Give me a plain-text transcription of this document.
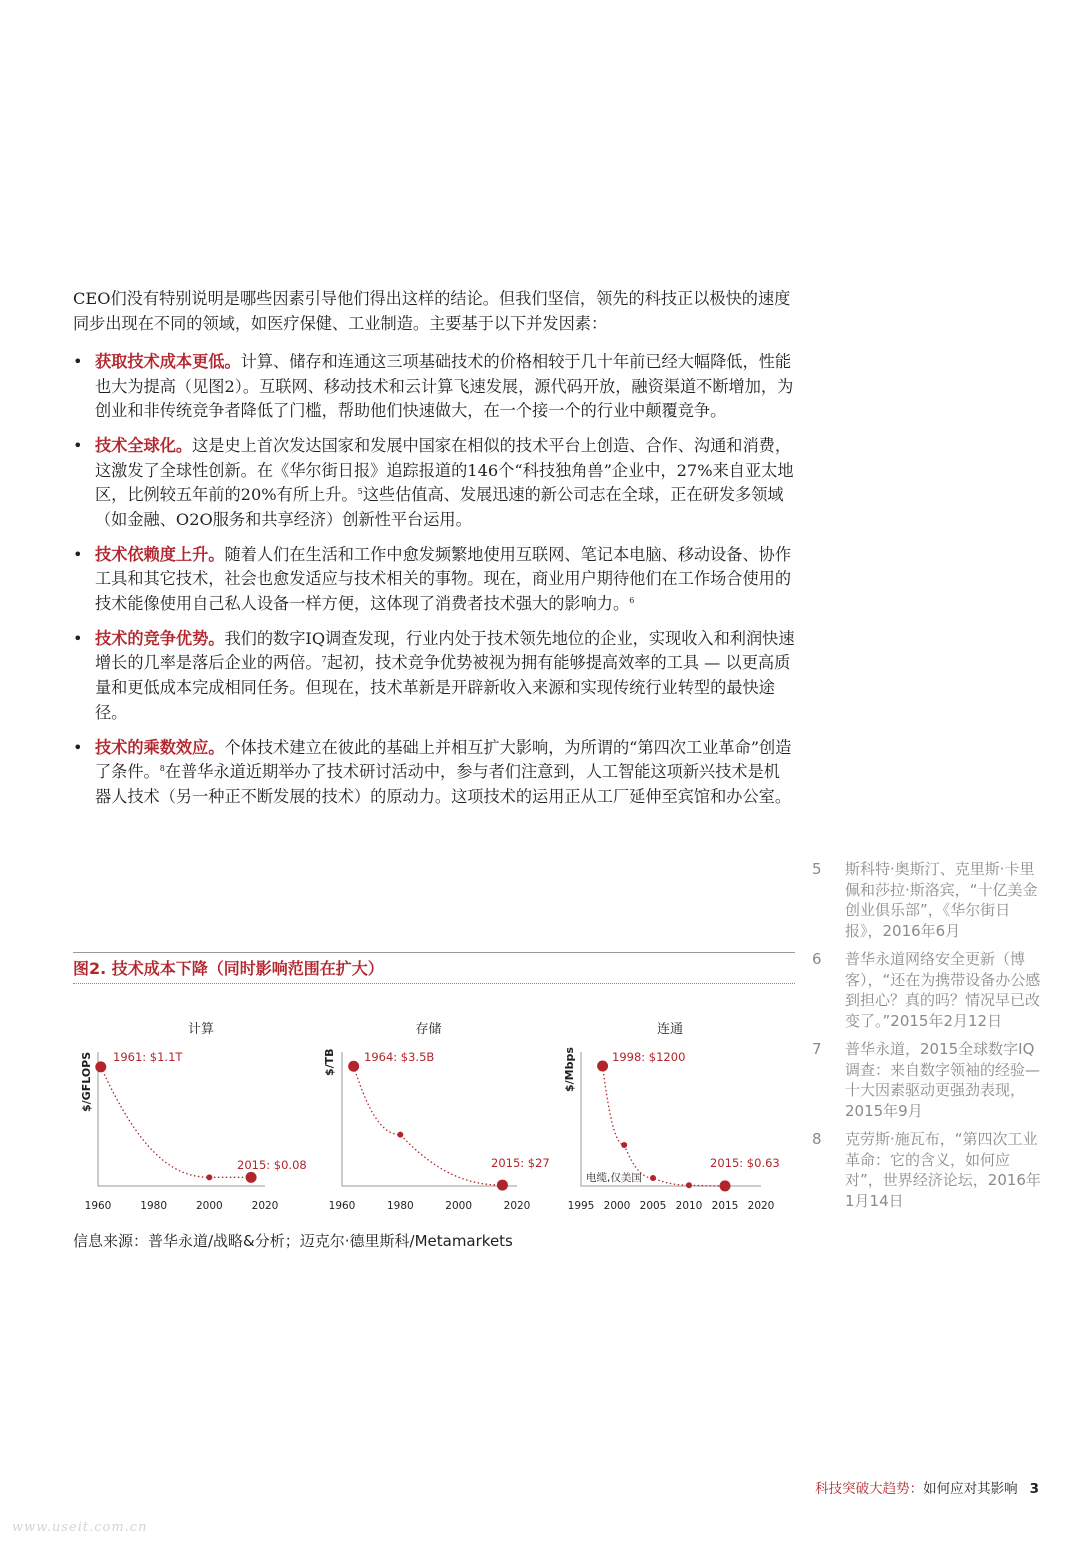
CEO们没有特别说明是哪些因素引导他们得出这样的结论。但我们坚信，领先的科技正以极快的速度同步出现在不同的领域，如医疗保健、工业制造。主要基于以下并发因素：

• 获取技术成本更低。计算、储存和连通这三项基础技术的价格相较于几十年前已经大幅降低，性能也大为提高（见图2）。互联网、移动技术和云计算飞速发展，源代码开放，融资渠道不断增加，为创业和非传统竞争者降低了门槛，帮助他们快速做大，在一个接一个的行业中颠覆竞争。
• 技术全球化。这是史上首次发达国家和发展中国家在相似的技术平台上创造、合作、沟通和消费，这激发了全球性创新。在《华尔街日报》追踪报道的146个“科技独角兽”企业中，27%来自亚太地区，比例较五年前的20%有所上升。$^5$这些估值高、发展迅速的新公司志在全球，正在研发多领域（如金融、O2O服务和共享经济）创新性平台运用。
• 技术依赖度上升。随着人们在生活和工作中愈发频繁地使用互联网、笔记本电脑、移动设备、协作工具和其它技术，社会也愈发适应与技术相关的事物。现在，商业用户期待他们在工作场合使用的技术能像使用自己私人设备一样方便，这体现了消费者技术强大的影响力。$^6$
• 技术的竞争优势。我们的数字IQ调查发现，行业内处于技术领先地位的企业，实现收入和利润快速增长的几率是落后企业的两倍。$^7$起初，技术竞争优势被视为拥有能够提高效率的工具 — 以更高质量和更低成本完成相同任务。但现在，技术革新是开辟新收入来源和实现传统行业转型的最快途径。
• 技术的乘数效应。个体技术建立在彼此的基础上并相互扩大影响，为所谓的“第四次工业革命”创造了条件。$^8$在普华永道近期举办了技术研讨活动中，参与者们注意到，人工智能这项新兴技术是机器人技术（另一种正不断发展的技术）的原动力。这项技术的运用正从工厂延伸至宾馆和办公室。

图2. 技术成本下降（同时影响范围在扩大）

计算
$/GFLOPS 1961: $1.1T
2015: $0.08
1960	1980	2000	2020
存储
$/TB 1964: $3.5B
2015: $27
1960	1980	2000	2020
连通
$/Mbps	1998: $1200
2015: $0.63
电缆,仅美国
1995 2000 2005 2010 2015 2020

信息来源：普华永道/战略&分析；迈克尔·德里斯科/Metamarkets

5 斯科特·奥斯汀、克里斯·卡里佩和莎拉·斯洛宾，“十亿美金创业俱乐部”，《华尔街日报》，2016年6月
6 普华永道网络安全更新（博客），“还在为携带设备办公感到担心？真的吗？情况早已改变了。”2015年2月12日
7 普华永道，2015全球数字IQ调查：来自数字领袖的经验—十大因素驱动更强劲表现，2015年9月
8 克劳斯·施瓦布，“第四次工业革命：它的含义，如何应对”，世界经济论坛，2016年1月14日
科技突破大趋势：如何应对其影响 3
www.useit.com.cn
